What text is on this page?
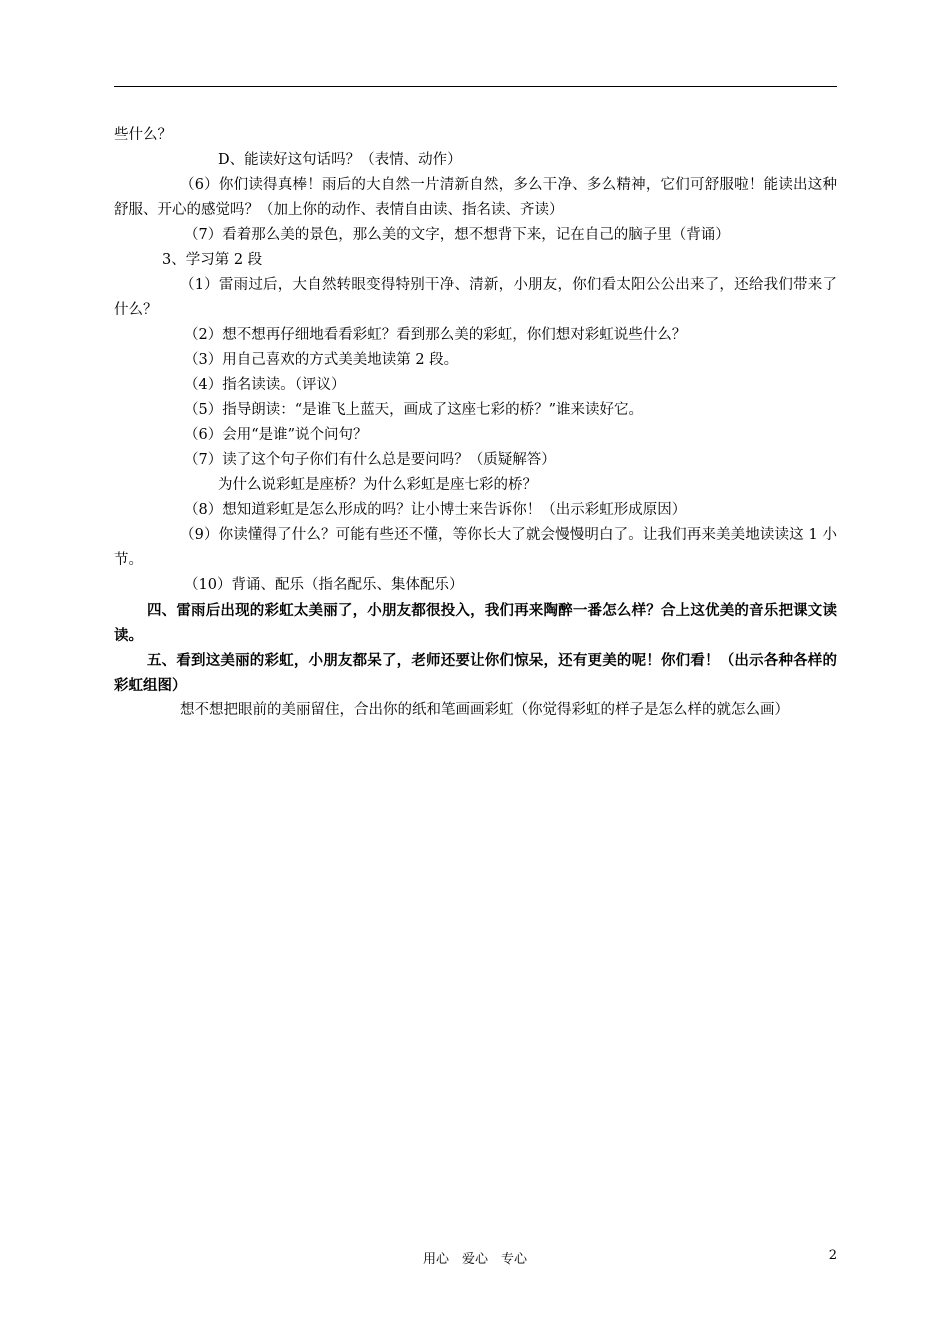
些什么？

D、能读好这句话吗？（表情、动作）

（6）你们读得真棒！雨后的大自然一片清新自然，多么干净、多么精神，它们可舒服啦！能读出这种舒服、开心的感觉吗？（加上你的动作、表情自由读、指名读、齐读）

（7）看着那么美的景色，那么美的文字，想不想背下来，记在自己的脑子里（背诵）

3、学习第 2 段

（1）雷雨过后，大自然转眼变得特别干净、清新，小朋友，你们看太阳公公出来了，还给我们带来了什么？

（2）想不想再仔细地看看彩虹？看到那么美的彩虹，你们想对彩虹说些什么？

（3）用自己喜欢的方式美美地读第 2 段。

（4）指名读读。（评议）

（5）指导朗读：“是谁飞上蓝天，画成了这座七彩的桥？”谁来读好它。

（6）会用“是谁”说个问句？

（7）读了这个句子你们有什么总是要问吗？（质疑解答）

为什么说彩虹是座桥？为什么彩虹是座七彩的桥？

（8）想知道彩虹是怎么形成的吗？让小博士来告诉你！（出示彩虹形成原因）

（9）你读懂得了什么？可能有些还不懂，等你长大了就会慢慢明白了。让我们再来美美地读读这 1 小节。

（10）背诵、配乐（指名配乐、集体配乐）

四、雷雨后出现的彩虹太美丽了，小朋友都很投入，我们再来陶醉一番怎么样？合上这优美的音乐把课文读读。

五、看到这美丽的彩虹，小朋友都呆了，老师还要让你们惊呆，还有更美的呢！你们看！（出示各种各样的彩虹组图）

想不想把眼前的美丽留住，合出你的纸和笔画画彩虹（你觉得彩虹的样子是怎么样的就怎么画）

用心　爱心　专心	2
